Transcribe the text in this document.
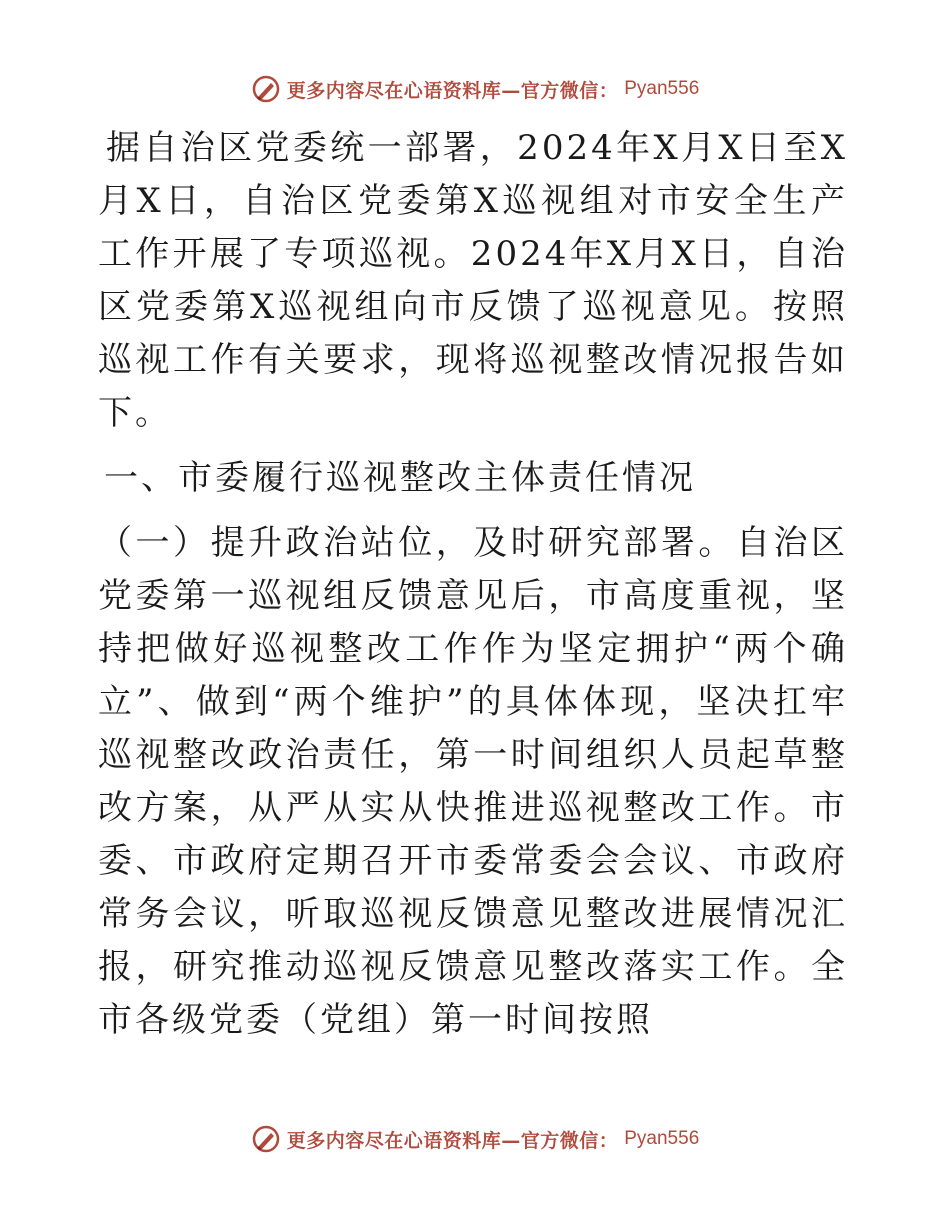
更多内容尽在心语资料库—官方微信： Pyan556

据自治区党委统一部署，2024年X月X日至X月X日，自治区党委第X巡视组对市安全生产工作开展了专项巡视。2024年X月X日，自治区党委第X巡视组向市反馈了巡视意见。按照巡视工作有关要求，现将巡视整改情况报告如下。

一、市委履行巡视整改主体责任情况

（一）提升政治站位，及时研究部署。自治区党委第一巡视组反馈意见后，市高度重视，坚持把做好巡视整改工作作为坚定拥护“两个确立”、做到“两个维护”的具体体现，坚决扛牢巡视整改政治责任，第一时间组织人员起草整改方案，从严从实从快推进巡视整改工作。市委、市政府定期召开市委常委会会议、市政府常务会议，听取巡视反馈意见整改进展情况汇报，研究推动巡视反馈意见整改落实工作。全市各级党委（党组）第一时间按照

更多内容尽在心语资料库—官方微信： Pyan556
